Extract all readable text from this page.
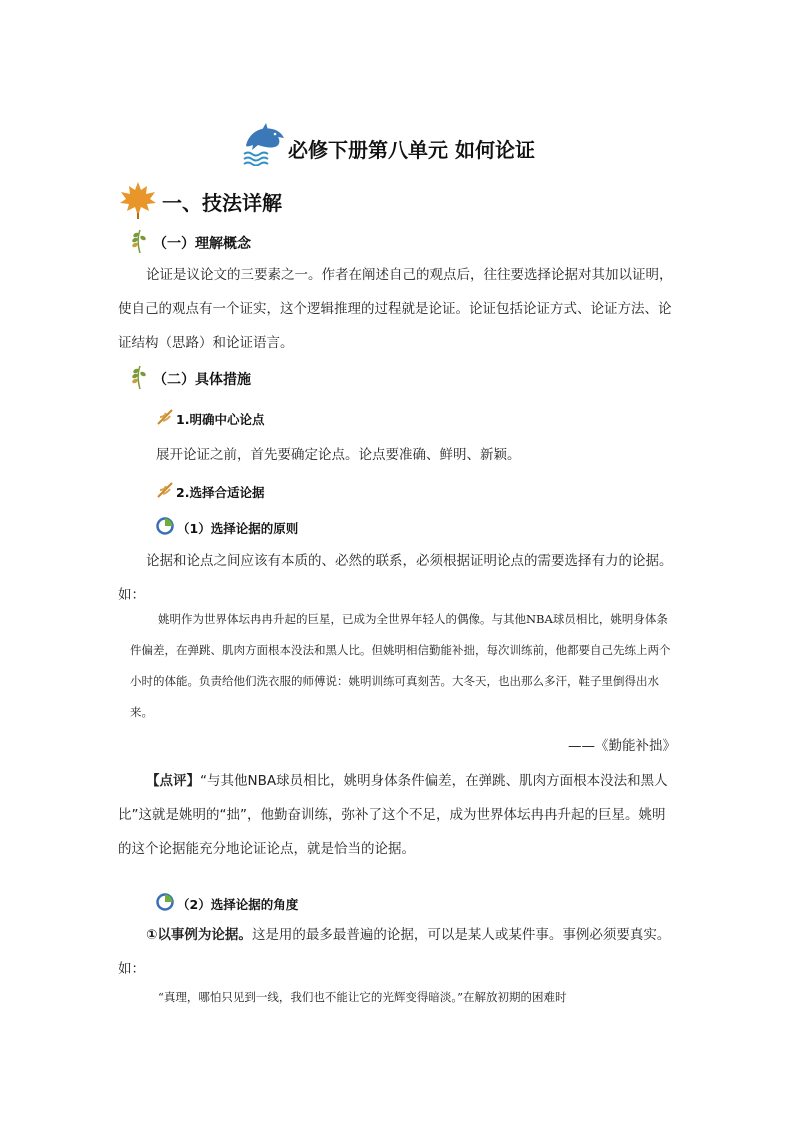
必修下册第八单元 如何论证
一、技法详解
（一）理解概念
论证是议论文的三要素之一。作者在阐述自己的观点后，往往要选择论据对其加以证明，使自己的观点有一个证实，这个逻辑推理的过程就是论证。论证包括论证方式、论证方法、论证结构（思路）和论证语言。
（二）具体措施
1.明确中心论点
展开论证之前，首先要确定论点。论点要准确、鲜明、新颖。
2.选择合适论据
（1）选择论据的原则
论据和论点之间应该有本质的、必然的联系，必须根据证明论点的需要选择有力的论据。如：
姚明作为世界体坛冉冉升起的巨星，已成为全世界年轻人的偶像。与其他NBA球员相比，姚明身体条件偏差，在弹跳、肌肉方面根本没法和黑人比。但姚明相信勤能补拙，每次训练前，他都要自己先练上两个小时的体能。负责给他们洗衣服的师傅说：姚明训练可真刻苦。大冬天，也出那么多汗，鞋子里倒得出水来。
——《勤能补拙》
【点评】“与其他NBA球员相比，姚明身体条件偏差，在弹跳、肌肉方面根本没法和黑人比”这就是姚明的“拙”，他勤奋训练，弥补了这个不足，成为世界体坛冉冉升起的巨星。姚明的这个论据能充分地论证论点，就是恰当的论据。
（2）选择论据的角度
①以事例为论据。这是用的最多最普遍的论据，可以是某人或某件事。事例必须要真实。如：
“真理，哪怕只见到一线，我们也不能让它的光辉变得暗淡。”在解放初期的困难时
